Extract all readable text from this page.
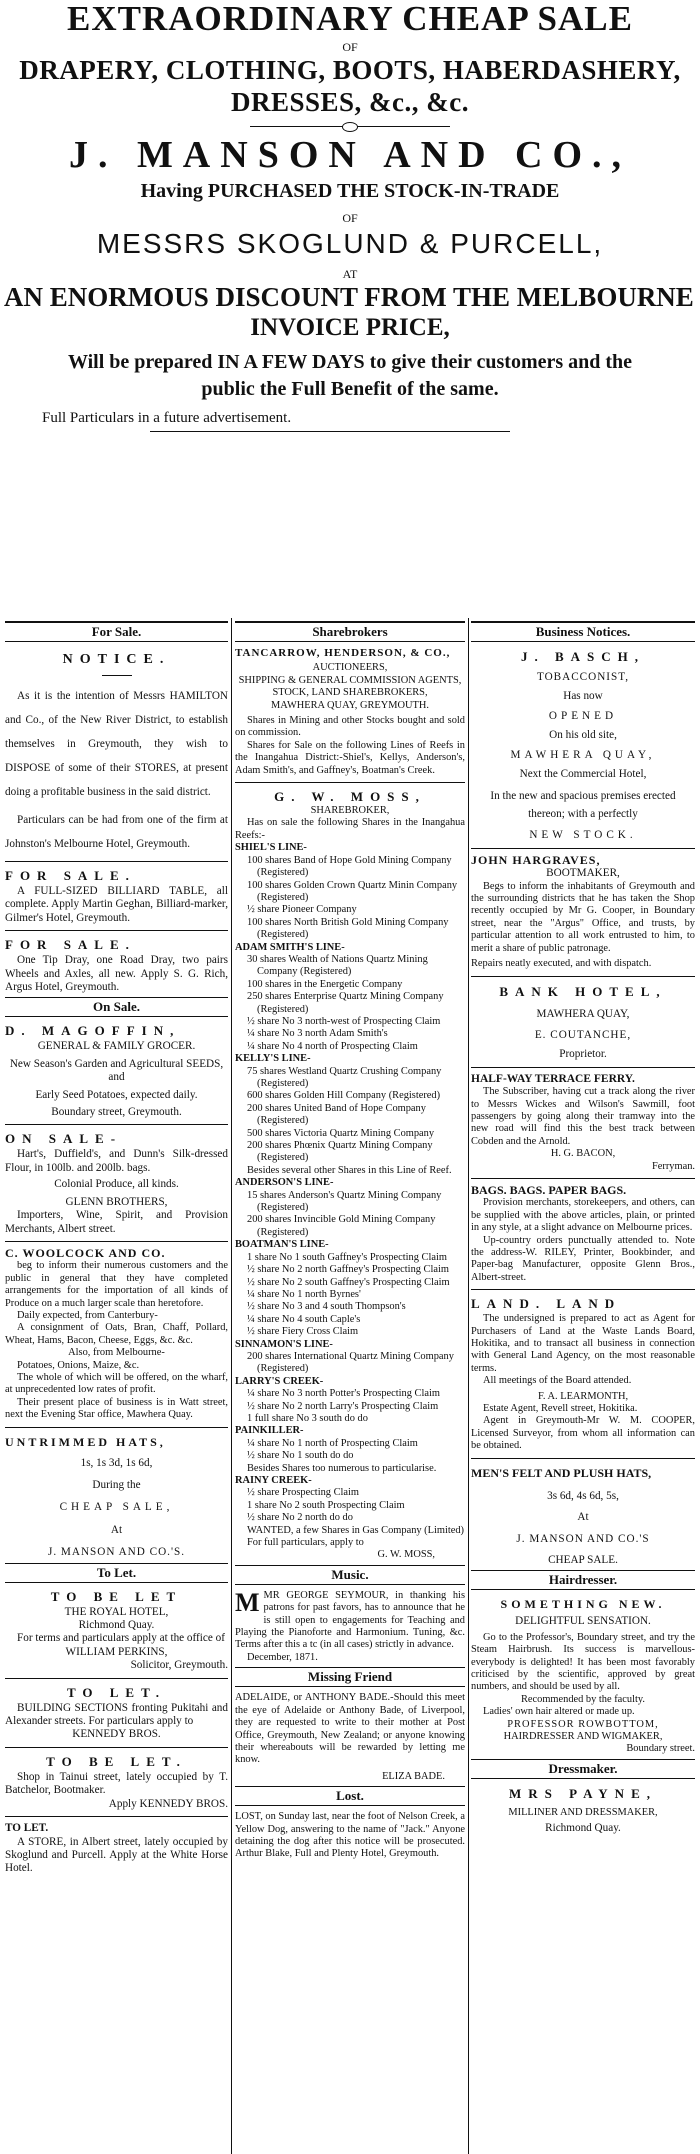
EXTRAORDINARY CHEAP SALE
OF
DRAPERY, CLOTHING, BOOTS, HABERDASHERY,
DRESSES, &c., &c.
J. MANSON AND CO.,
Having PURCHASED THE STOCK-IN-TRADE
OF
MESSRS SKOGLUND & PURCELL,
AT
AN ENORMOUS DISCOUNT FROM THE MELBOURNE
INVOICE PRICE,
Will be prepared IN A FEW DAYS to give their customers and the
public the Full Benefit of the same.
Full Particulars in a future advertisement.
For Sale.
NOTICE.

As it is the intention of Messrs HAMILTON and Co., of the New River District, to establish themselves in Greymouth, they wish to DISPOSE of some of their STORES, at present doing a profitable business in the said district.

Particulars can be had from one of the firm at Johnston's Melbourne Hotel, Greymouth.

FOR SALE.

A FULL-SIZED BILLIARD TABLE, all complete. Apply Martin Geghan, Billiard-marker, Gilmer's Hotel, Greymouth.

FOR SALE.

One Tip Dray, one Road Dray, two pairs Wheels and Axles, all new. Apply S. G. Rich, Argus Hotel, Greymouth.

On Sale.
D. MAGOFFIN,
GENERAL & FAMILY GROCER.

New Season's Garden and Agricultural SEEDS, and

Early Seed Potatoes, expected daily.

Boundary street, Greymouth.

ON SALE-

Hart's, Duffield's, and Dunn's Silk-dressed Flour, in 100lb. and 200lb. bags.

Colonial Produce, all kinds.

GLENN BROTHERS,

Importers, Wine, Spirit, and Provision Merchants, Albert street.

C. WOOLCOCK AND CO.

beg to inform their numerous customers and the public in general that they have completed arrangements for the importation of all kinds of Produce on a much larger scale than heretofore.

Daily expected, from Canterbury-

A consignment of Oats, Bran, Chaff, Pollard, Wheat, Hams, Bacon, Cheese, Eggs, &c. &c.

Also, from Melbourne-

Potatoes, Onions, Maize, &c.

The whole of which will be offered, on the wharf, at unprecedented low rates of profit.

Their present place of business is in Watt street, next the Evening Star office, Mawhera Quay.

UNTRIMMED HATS,

1s, 1s 3d, 1s 6d,

During the

CHEAP SALE,

At

J. MANSON AND CO.'S.

To Let.
TO BE LET

THE ROYAL HOTEL,

Richmond Quay.

For terms and particulars apply at the office of

WILLIAM PERKINS,

Solicitor, Greymouth.

TO LET.

BUILDING SECTIONS fronting Pukitahi and Alexander streets. For particulars apply to

KENNEDY BROS.

TO BE LET.

Shop in Tainui street, lately occupied by T. Batchelor, Bootmaker.

Apply KENNEDY BROS.

TO LET.

A STORE, in Albert street, lately occupied by Skoglund and Purcell. Apply at the White Horse Hotel.

Sharebrokers
TANCARROW, HENDERSON, & CO.,

AUCTIONEERS,

SHIPPING & GENERAL COMMISSION AGENTS,

STOCK, LAND SHAREBROKERS,

MAWHERA QUAY, GREYMOUTH.

Shares in Mining and other Stocks bought and sold on commission.

Shares for Sale on the following Lines of Reefs in the Inangahua District:-Shiel's, Kellys, Anderson's, Adam Smith's, and Gaffney's, Boatman's Creek.

G. W. MOSS,

SHAREBROKER,

Has on sale the following Shares in the Inangahua Reefs:-

SHIEL'S LINE-
100 shares Band of Hope Gold Mining Company (Registered)
100 shares Golden Crown Quartz Minin Company (Registered)
½ share Pioneer Company
100 shares North British Gold Mining Company (Registered)
ADAM SMITH'S LINE-
30 shares Wealth of Nations Quartz Mining Company (Registered)
100 shares in the Energetic Company
250 shares Enterprise Quartz Mining Company (Registered)
½ share No 3 north-west of Prospecting Claim
¼ share No 3 north Adam Smith's
¼ share No 4 north of Prospecting Claim
KELLY'S LINE-
75 shares Westland Quartz Crushing Company (Registered)
600 shares Golden Hill Company (Registered)
200 shares United Band of Hope Company (Registered)
500 shares Victoria Quartz Mining Company
200 shares Phœnix Quartz Mining Company (Registered)
Besides several other Shares in this Line of Reef.
ANDERSON'S LINE-
15 shares Anderson's Quartz Mining Company (Registered)
200 shares Invincible Gold Mining Company (Registered)
BOATMAN'S LINE-
1 share No 1 south Gaffney's Prospecting Claim
½ share No 2 north Gaffney's Prospecting Claim
½ share No 2 south Gaffney's Prospecting Claim
¼ share No 1 north Byrnes'
½ share No 3 and 4 south Thompson's
¼ share No 4 south Caple's
½ share Fiery Cross Claim
SINNAMON'S LINE-
200 shares International Quartz Mining Company (Registered)
LARRY'S CREEK-
¼ share No 3 north Potter's Prospecting Claim
½ share No 2 north Larry's Prospecting Claim
1 full share No 3 south do do
PAINKILLER-
¼ share No 1 north of Prospecting Claim
½ share No 1 south do do
Besides Shares too numerous to particularise.
RAINY CREEK-
½ share Prospecting Claim
1 share No 2 south Prospecting Claim
½ share No 2 north do do

WANTED, a few Shares in Gas Company (Limited)

For full particulars, apply to

G. W. MOSS,

Music.
M MR GEORGE SEYMOUR, in thanking his patrons for past favors, has to announce that he is still open to engagements for Teaching and Playing the Pianoforte and Harmonium. Tuning, &c. Terms after this a tc (in all cases) strictly in advance.

December, 1871.

Missing Friend

ADELAIDE, or ANTHONY BADE.-Should this meet the eye of Adelaide or Anthony Bade, of Liverpool, they are requested to write to their mother at Post Office, Greymouth, New Zealand; or anyone knowing their whereabouts will be rewarded by letting me know.

ELIZA BADE.

Lost.

LOST, on Sunday last, near the foot of Nelson Creek, a Yellow Dog, answering to the name of "Jack." Anyone detaining the dog after this notice will be prosecuted. Arthur Blake, Full and Plenty Hotel, Greymouth.

Business Notices.
J. BASCH,

TOBACCONIST,

Has now

OPENED

On his old site,

MAWHERA QUAY,

Next the Commercial Hotel,

In the new and spacious premises erected thereon; with a perfectly

NEW STOCK.

JOHN HARGRAVES,

BOOTMAKER,

Begs to inform the inhabitants of Greymouth and the surrounding districts that he has taken the Shop recently occupied by Mr G. Cooper, in Boundary street, near the "Argus" Office, and trusts, by particular attention to all work entrusted to him, to merit a share of public patronage.

Repairs neatly executed, and with dispatch.

BANK HOTEL,

MAWHERA QUAY,

E. COUTANCHE,

Proprietor.

HALF-WAY TERRACE FERRY.

The Subscriber, having cut a track along the river to Messrs Wickes and Wilson's Sawmill, foot passengers by going along their tramway into the new road will find this the best track between Cobden and the Arnold.

H. G. BACON,

Ferryman.

BAGS. BAGS. PAPER BAGS.

Provision merchants, storekeepers, and others, can be supplied with the above articles, plain, or printed in any style, at a slight advance on Melbourne prices.

Up-country orders punctually attended to. Note the address-W. RILEY, Printer, Bookbinder, and Paper-bag Manufacturer, opposite Glenn Bros., Albert-street.

LAND. LAND

The undersigned is prepared to act as Agent for Purchasers of Land at the Waste Lands Board, Hokitika, and to transact all business in connection with General Land Agency, on the most reasonable terms.

All meetings of the Board attended.

F. A. LEARMONTH,

Estate Agent, Revell street, Hokitika.

Agent in Greymouth-Mr W. M. COOPER, Licensed Surveyor, from whom all information can be obtained.

MEN'S FELT AND PLUSH HATS,

3s 6d, 4s 6d, 5s,

At

J. MANSON AND CO.'S

CHEAP SALE.

Hairdresser.
SOMETHING NEW.

DELIGHTFUL SENSATION.

Go to the Professor's, Boundary street, and try the Steam Hairbrush. Its success is marvellous-everybody is delighted! It has been most favorably criticised by the scientific, approved by great numbers, and should be used by all.

Recommended by the faculty.

Ladies' own hair altered or made up.

PROFESSOR ROWBOTTOM,

HAIRDRESSER AND WIGMAKER,

Boundary street.

Dressmaker.
MRS PAYNE,

MILLINER AND DRESSMAKER,

Richmond Quay.
